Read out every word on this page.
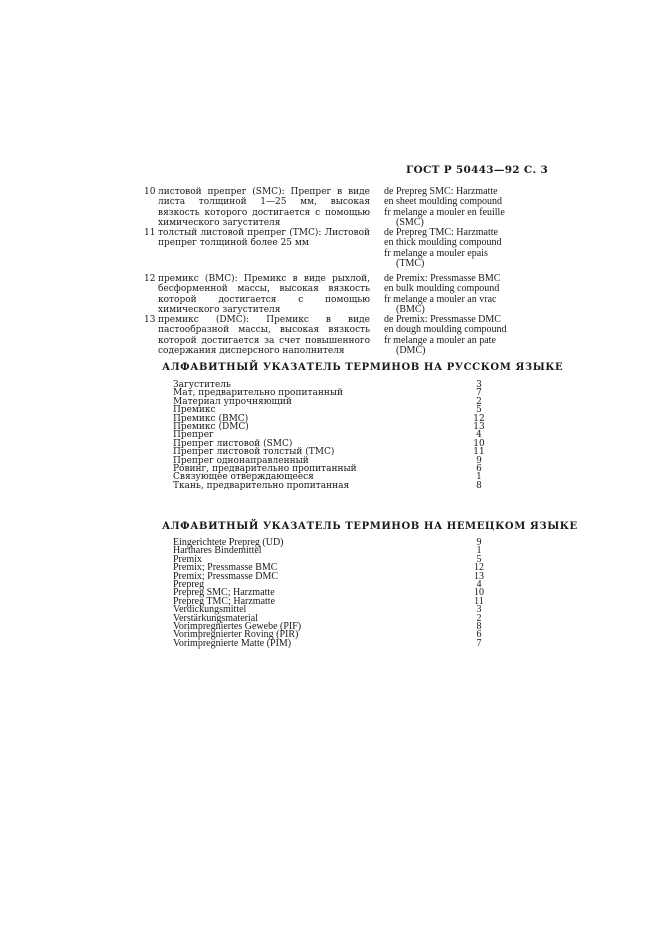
ГОСТ Р 50443—92 С. 3
10 листовой препрег (SMC): Препрег в виде листа толщиной 1—25 мм, высокая вязкость которого достигается с помощью химического загустителя
de Prepreg SMC: Harzmatte
en sheet moulding compound
fr melange a mouler en feuille
(SMC)
11 толстый листовой препрег (TMC): Листовой препрег толщиной более 25 мм
de Prepreg TMC: Harzmatte
en thick moulding compound
fr melange a mouler epais
(TMC)
12 премикс (BMC): Премикс в виде рыхлой, бесформенной массы, высокая вязкость которой достигается с помощью химического загустителя
de Premix: Pressmasse BMC
en bulk moulding compound
fr melange a mouler an vrac
(BMC)
13 премикс (DMC): Премикс в виде пастообразной массы, высокая вязкость которой достигается за счет повышенного содержания дисперсного наполнителя
de Premix: Pressmasse DMC
en dough moulding compound
fr melange a mouler an pate
(DMC)
АЛФАВИТНЫЙ УКАЗАТЕЛЬ ТЕРМИНОВ НА РУССКОМ ЯЗЫКЕ
Загуститель	3
Мат, предварительно пропитанный	7
Материал упрочняющий	2
Премикс	5
Премикс (BMC)	12
Премикс (DMC)	13
Препрег	4
Препрег листовой (SMC)	10
Препрег листовой толстый (TMC)	11
Препрег однонаправленный	9
Ровинг, предварительно пропитанный	6
Связующее отверждающееся	1
Ткань, предварительно пропитанная	8
АЛФАВИТНЫЙ УКАЗАТЕЛЬ ТЕРМИНОВ НА НЕМЕЦКОМ ЯЗЫКЕ
Eingerichtete Prepreg (UD)	9
Harthares Bindemittel	1
Premix	5
Premix; Pressmasse BMC	12
Premix; Pressmasse DMC	13
Prepreg	4
Prepreg SMC; Harzmatte	10
Prepreg TMC; Harzmatte	11
Verdickungsmittel	3
Verstärkungsmaterial	2
Vorimpregniertes Gewebe (PIF)	8
Vorimpregnierter Roving (PIR)	6
Vorimpregnierte Matte (PIM)	7
